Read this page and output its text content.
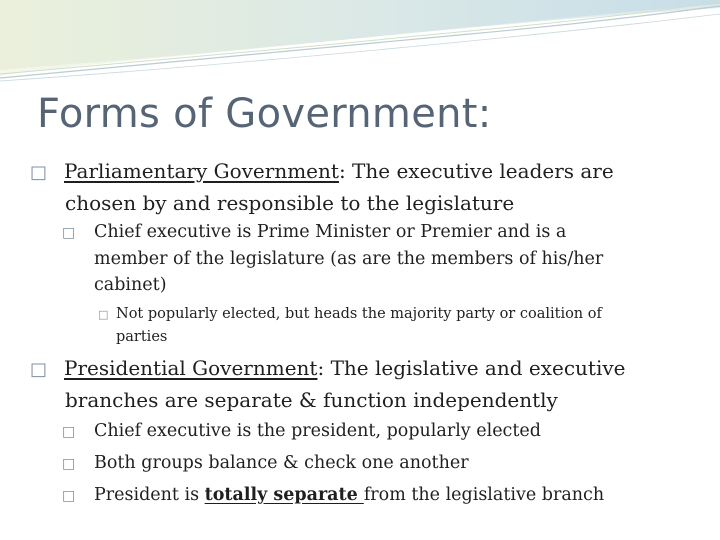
Forms of Government:
□ Parliamentary Government: The executive leaders are
chosen by and responsible to the legislature
□ Chief executive is Prime Minister or Premier and is a
member of the legislature (as are the members of his/her
cabinet)
□ Not popularly elected, but heads the majority party or coalition of
parties
□ Presidential Government: The legislative and executive
branches are separate & function independently
□ Chief executive is the president, popularly elected
□ Both groups balance & check one another
□ President is totally separate from the legislative branch
